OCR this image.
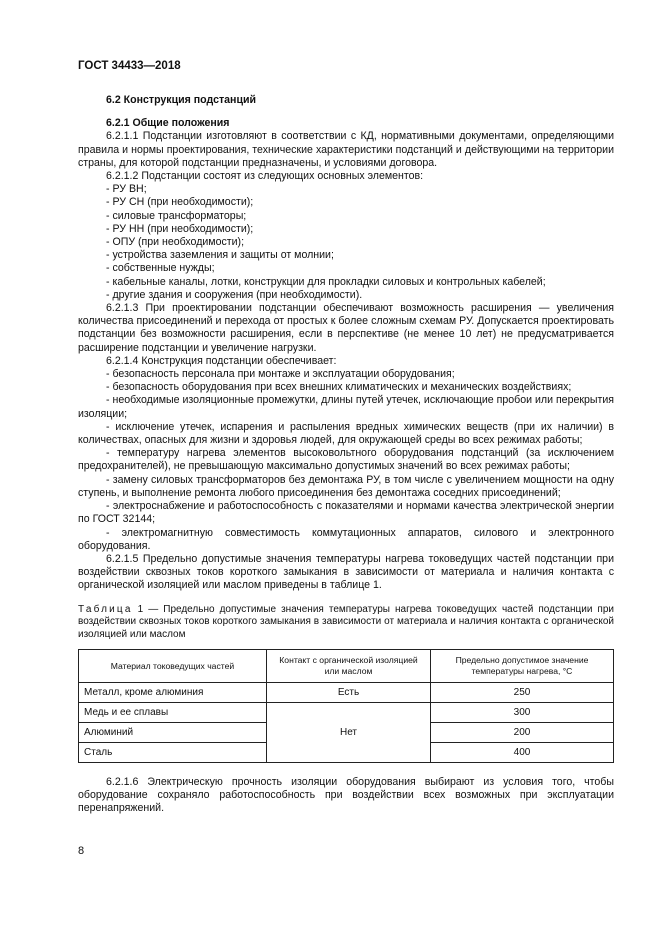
ГОСТ 34433—2018

6.2 Конструкция подстанций

6.2.1 Общие положения

6.2.1.1 Подстанции изготовляют в соответствии с КД, нормативными документами, определяющими правила и нормы проектирования, технические характеристики подстанций и действующими на территории страны, для которой подстанции предназначены, и условиями договора.

6.2.1.2 Подстанции состоят из следующих основных элементов:

- РУ ВН;

- РУ СН (при необходимости);

- силовые трансформаторы;

- РУ НН (при необходимости);

- ОПУ (при необходимости);

- устройства заземления и защиты от молнии;

- собственные нужды;

- кабельные каналы, лотки, конструкции для прокладки силовых и контрольных кабелей;

- другие здания и сооружения (при необходимости).

6.2.1.3 При проектировании подстанции обеспечивают возможность расширения — увеличения количества присоединений и перехода от простых к более сложным схемам РУ. Допускается проектировать подстанции без возможности расширения, если в перспективе (не менее 10 лет) не предусматривается расширение подстанции и увеличение нагрузки.

6.2.1.4 Конструкция подстанции обеспечивает:

- безопасность персонала при монтаже и эксплуатации оборудования;

- безопасность оборудования при всех внешних климатических и механических воздействиях;

- необходимые изоляционные промежутки, длины путей утечек, исключающие пробои или перекрытия изоляции;

- исключение утечек, испарения и распыления вредных химических веществ (при их наличии) в количествах, опасных для жизни и здоровья людей, для окружающей среды во всех режимах работы;

- температуру нагрева элементов высоковольтного оборудования подстанций (за исключением предохранителей), не превышающую максимально допустимых значений во всех режимах работы;

- замену силовых трансформаторов без демонтажа РУ, в том числе с увеличением мощности на одну ступень, и выполнение ремонта любого присоединения без демонтажа соседних присоединений;

- электроснабжение и работоспособность с показателями и нормами качества электрической энергии по ГОСТ 32144;

- электромагнитную совместимость коммутационных аппаратов, силового и электронного оборудования.

6.2.1.5 Предельно допустимые значения температуры нагрева токоведущих частей подстанции при воздействии сквозных токов короткого замыкания в зависимости от материала и наличия контакта с органической изоляцией или маслом приведены в таблице 1.

Таблица 1 — Предельно допустимые значения температуры нагрева токоведущих частей подстанции при воздействии сквозных токов короткого замыкания в зависимости от материала и наличия контакта с органической изоляцией или маслом

Материал токоведущих частей	Контакт с органической изоляцией или маслом	Предельно допустимое значение температуры нагрева, °С
Металл, кроме алюминия	Есть	250
Медь и ее сплавы	Нет	300
Алюминий		200
Сталь		400

6.2.1.6 Электрическую прочность изоляции оборудования выбирают из условия того, чтобы оборудование сохраняло работоспособность при воздействии всех возможных при эксплуатации перенапряжений.

8
